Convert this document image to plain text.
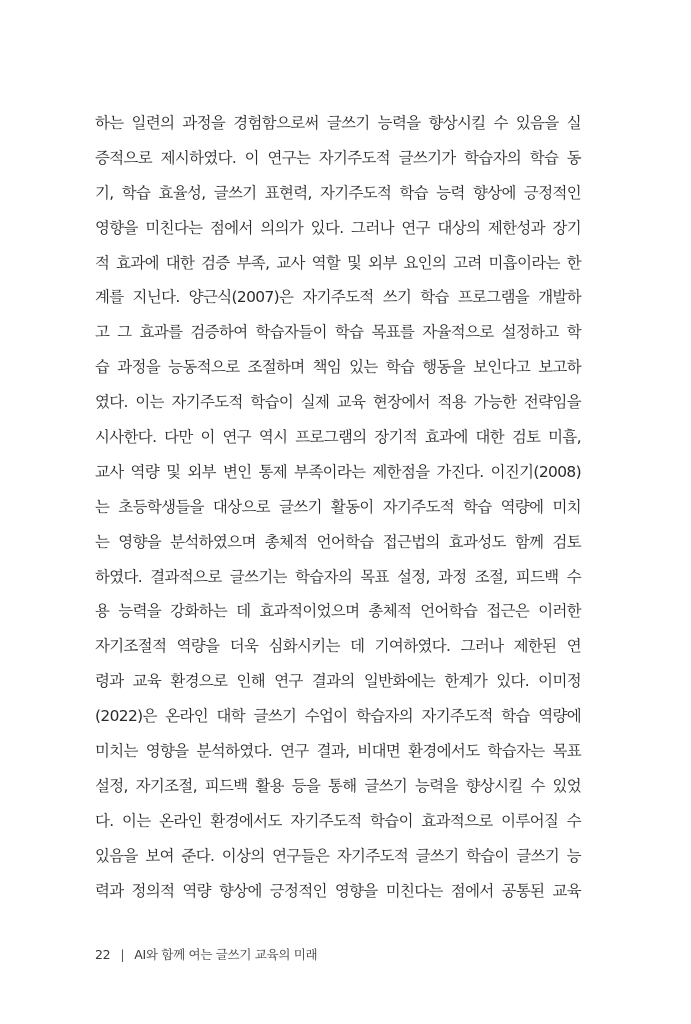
하는 일련의 과정을 경험함으로써 글쓰기 능력을 향상시킬 수 있음을 실
증적으로 제시하였다. 이 연구는 자기주도적 글쓰기가 학습자의 학습 동
기, 학습 효율성, 글쓰기 표현력, 자기주도적 학습 능력 향상에 긍정적인
영향을 미친다는 점에서 의의가 있다. 그러나 연구 대상의 제한성과 장기
적 효과에 대한 검증 부족, 교사 역할 및 외부 요인의 고려 미흡이라는 한
계를 지닌다. 양근식(2007)은 자기주도적 쓰기 학습 프로그램을 개발하
고 그 효과를 검증하여 학습자들이 학습 목표를 자율적으로 설정하고 학
습 과정을 능동적으로 조절하며 책임 있는 학습 행동을 보인다고 보고하
였다. 이는 자기주도적 학습이 실제 교육 현장에서 적용 가능한 전략임을
시사한다. 다만 이 연구 역시 프로그램의 장기적 효과에 대한 검토 미흡,
교사 역량 및 외부 변인 통제 부족이라는 제한점을 가진다. 이진기(2008)
는 초등학생들을 대상으로 글쓰기 활동이 자기주도적 학습 역량에 미치
는 영향을 분석하였으며 총체적 언어학습 접근법의 효과성도 함께 검토
하였다. 결과적으로 글쓰기는 학습자의 목표 설정, 과정 조절, 피드백 수
용 능력을 강화하는 데 효과적이었으며 총체적 언어학습 접근은 이러한
자기조절적 역량을 더욱 심화시키는 데 기여하였다. 그러나 제한된 연
령과 교육 환경으로 인해 연구 결과의 일반화에는 한계가 있다. 이미정
(2022)은 온라인 대학 글쓰기 수업이 학습자의 자기주도적 학습 역량에
미치는 영향을 분석하였다. 연구 결과, 비대면 환경에서도 학습자는 목표
설정, 자기조절, 피드백 활용 등을 통해 글쓰기 능력을 향상시킬 수 있었
다. 이는 온라인 환경에서도 자기주도적 학습이 효과적으로 이루어질 수
있음을 보여 준다. 이상의 연구들은 자기주도적 글쓰기 학습이 글쓰기 능
력과 정의적 역량 향상에 긍정적인 영향을 미친다는 점에서 공통된 교육
22 | AI와 함께 여는 글쓰기 교육의 미래
